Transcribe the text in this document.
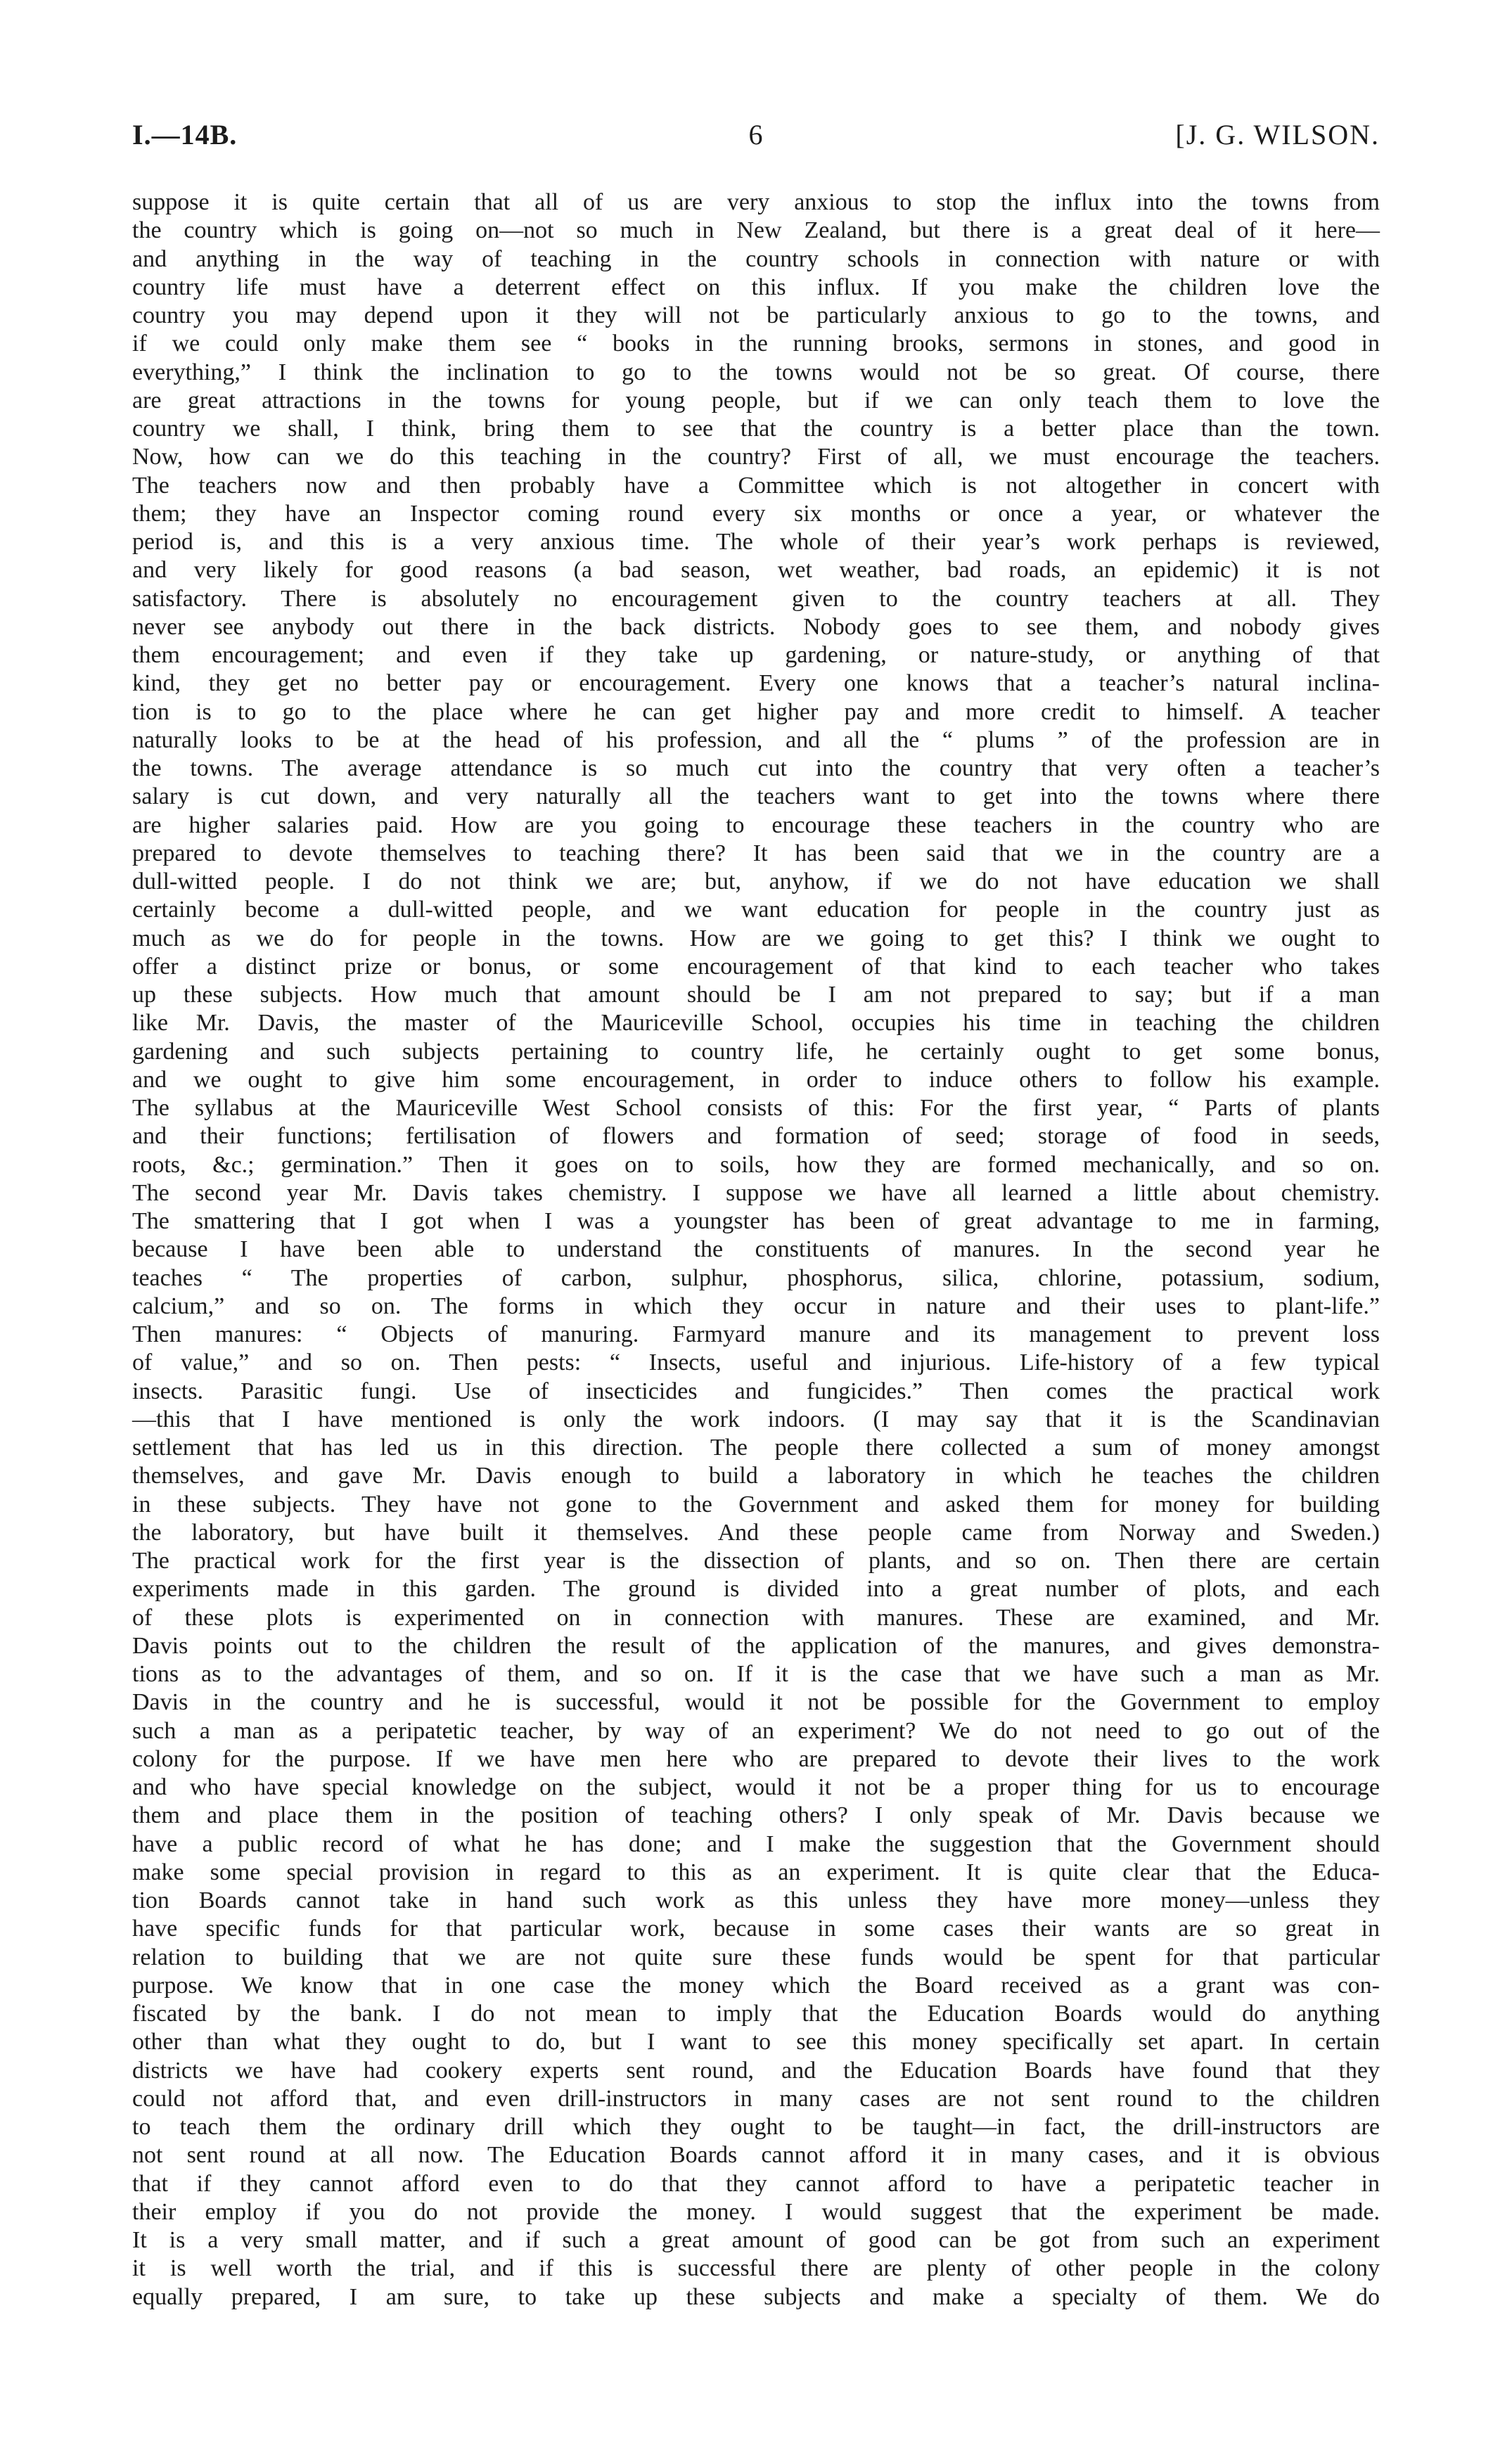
I.—14B.	6	[J. G. WILSON.
suppose it is quite certain that all of us are very anxious to stop the influx into the towns from
the country which is going on—not so much in New Zealand, but there is a great deal of it here—
and anything in the way of teaching in the country schools in connection with nature or with
country life must have a deterrent effect on this influx. If you make the children love the
country you may depend upon it they will not be particularly anxious to go to the towns, and
if we could only make them see “ books in the running brooks, sermons in stones, and good in
everything,” I think the inclination to go to the towns would not be so great. Of course, there
are great attractions in the towns for young people, but if we can only teach them to love the
country we shall, I think, bring them to see that the country is a better place than the town.
Now, how can we do this teaching in the country? First of all, we must encourage the teachers.
The teachers now and then probably have a Committee which is not altogether in concert with
them; they have an Inspector coming round every six months or once a year, or whatever the
period is, and this is a very anxious time. The whole of their year’s work perhaps is reviewed,
and very likely for good reasons (a bad season, wet weather, bad roads, an epidemic) it is not
satisfactory. There is absolutely no encouragement given to the country teachers at all. They
never see anybody out there in the back districts. Nobody goes to see them, and nobody gives
them encouragement; and even if they take up gardening, or nature-study, or anything of that
kind, they get no better pay or encouragement. Every one knows that a teacher’s natural inclina-
tion is to go to the place where he can get higher pay and more credit to himself. A teacher
naturally looks to be at the head of his profession, and all the “ plums ” of the profession are in
the towns. The average attendance is so much cut into the country that very often a teacher’s
salary is cut down, and very naturally all the teachers want to get into the towns where there
are higher salaries paid. How are you going to encourage these teachers in the country who are
prepared to devote themselves to teaching there? It has been said that we in the country are a
dull-witted people. I do not think we are; but, anyhow, if we do not have education we shall
certainly become a dull-witted people, and we want education for people in the country just as
much as we do for people in the towns. How are we going to get this? I think we ought to
offer a distinct prize or bonus, or some encouragement of that kind to each teacher who takes
up these subjects. How much that amount should be I am not prepared to say; but if a man
like Mr. Davis, the master of the Mauriceville School, occupies his time in teaching the children
gardening and such subjects pertaining to country life, he certainly ought to get some bonus,
and we ought to give him some encouragement, in order to induce others to follow his example.
The syllabus at the Mauriceville West School consists of this: For the first year, “ Parts of plants
and their functions; fertilisation of flowers and formation of seed; storage of food in seeds,
roots, &c.; germination.” Then it goes on to soils, how they are formed mechanically, and so on.
The second year Mr. Davis takes chemistry. I suppose we have all learned a little about chemistry.
The smattering that I got when I was a youngster has been of great advantage to me in farming,
because I have been able to understand the constituents of manures. In the second year he
teaches “ The properties of carbon, sulphur, phosphorus, silica, chlorine, potassium, sodium,
calcium,” and so on. The forms in which they occur in nature and their uses to plant-life.”
Then manures: “ Objects of manuring. Farmyard manure and its management to prevent loss
of value,” and so on. Then pests: “ Insects, useful and injurious. Life-history of a few typical
insects. Parasitic fungi. Use of insecticides and fungicides.” Then comes the practical work
—this that I have mentioned is only the work indoors. (I may say that it is the Scandinavian
settlement that has led us in this direction. The people there collected a sum of money amongst
themselves, and gave Mr. Davis enough to build a laboratory in which he teaches the children
in these subjects. They have not gone to the Government and asked them for money for building
the laboratory, but have built it themselves. And these people came from Norway and Sweden.)
The practical work for the first year is the dissection of plants, and so on. Then there are certain
experiments made in this garden. The ground is divided into a great number of plots, and each
of these plots is experimented on in connection with manures. These are examined, and Mr.
Davis points out to the children the result of the application of the manures, and gives demonstra-
tions as to the advantages of them, and so on. If it is the case that we have such a man as Mr.
Davis in the country and he is successful, would it not be possible for the Government to employ
such a man as a peripatetic teacher, by way of an experiment? We do not need to go out of the
colony for the purpose. If we have men here who are prepared to devote their lives to the work
and who have special knowledge on the subject, would it not be a proper thing for us to encourage
them and place them in the position of teaching others? I only speak of Mr. Davis because we
have a public record of what he has done; and I make the suggestion that the Government should
make some special provision in regard to this as an experiment. It is quite clear that the Educa-
tion Boards cannot take in hand such work as this unless they have more money—unless they
have specific funds for that particular work, because in some cases their wants are so great in
relation to building that we are not quite sure these funds would be spent for that particular
purpose. We know that in one case the money which the Board received as a grant was con-
fiscated by the bank. I do not mean to imply that the Education Boards would do anything
other than what they ought to do, but I want to see this money specifically set apart. In certain
districts we have had cookery experts sent round, and the Education Boards have found that they
could not afford that, and even drill-instructors in many cases are not sent round to the children
to teach them the ordinary drill which they ought to be taught—in fact, the drill-instructors are
not sent round at all now. The Education Boards cannot afford it in many cases, and it is obvious
that if they cannot afford even to do that they cannot afford to have a peripatetic teacher in
their employ if you do not provide the money. I would suggest that the experiment be made.
It is a very small matter, and if such a great amount of good can be got from such an experiment
it is well worth the trial, and if this is successful there are plenty of other people in the colony
equally prepared, I am sure, to take up these subjects and make a specialty of them. We do
